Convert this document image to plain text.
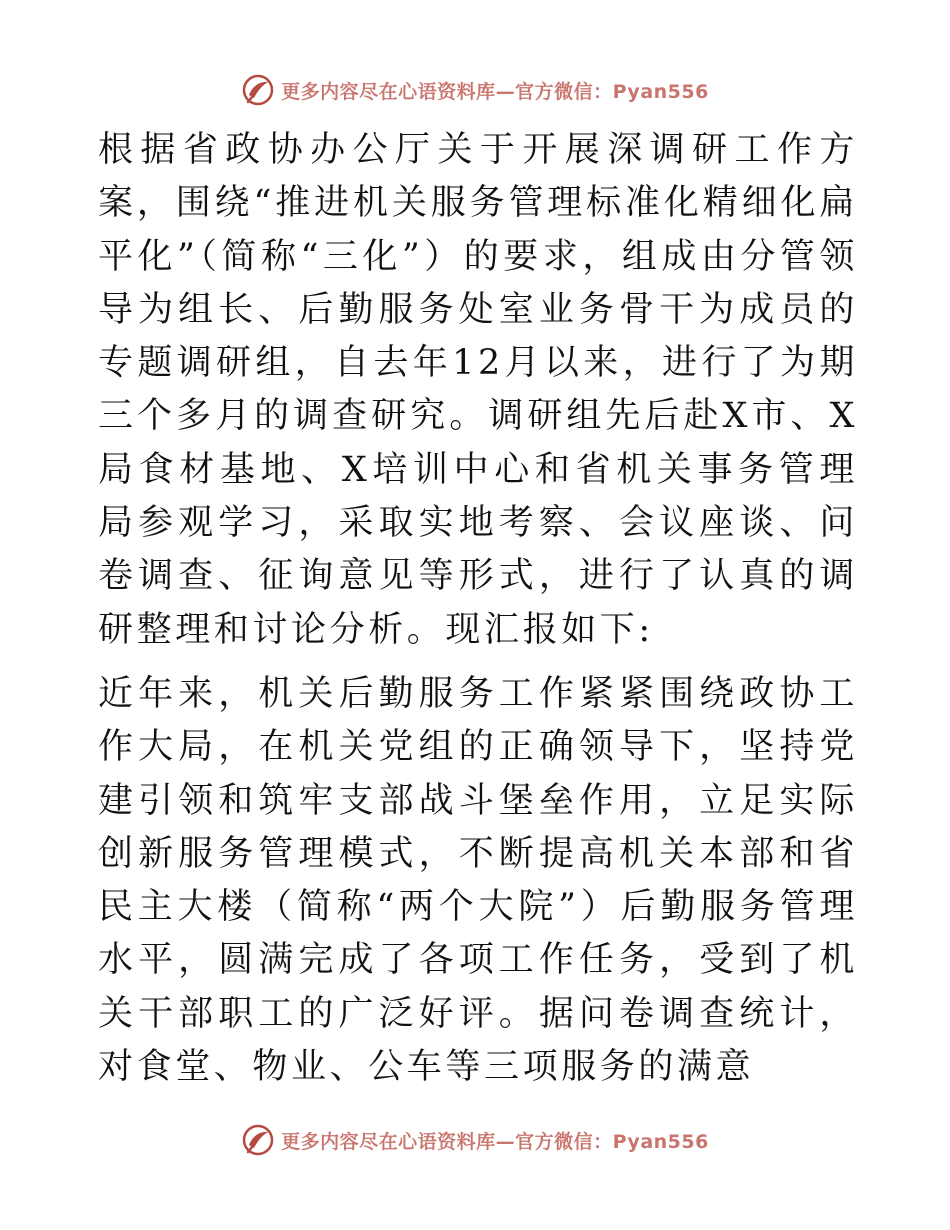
更多内容尽在心语资料库—官方微信：Pyan556

根据省政协办公厅关于开展深调研工作方案，围绕“推进机关服务管理标准化精细化扁平化”（简称“三化”）的要求，组成由分管领导为组长、后勤服务处室业务骨干为成员的专题调研组，自去年12月以来，进行了为期三个多月的调查研究。调研组先后赴X市、X局食材基地、X培训中心和省机关事务管理局参观学习，采取实地考察、会议座谈、问卷调查、征询意见等形式，进行了认真的调研整理和讨论分析。现汇报如下:

近年来，机关后勤服务工作紧紧围绕政协工作大局，在机关党组的正确领导下，坚持党建引领和筑牢支部战斗堡垒作用，立足实际创新服务管理模式，不断提高机关本部和省民主大楼（简称“两个大院”）后勤服务管理水平，圆满完成了各项工作任务，受到了机关干部职工的广泛好评。据问卷调查统计，对食堂、物业、公车等三项服务的满意

更多内容尽在心语资料库—官方微信：Pyan556
